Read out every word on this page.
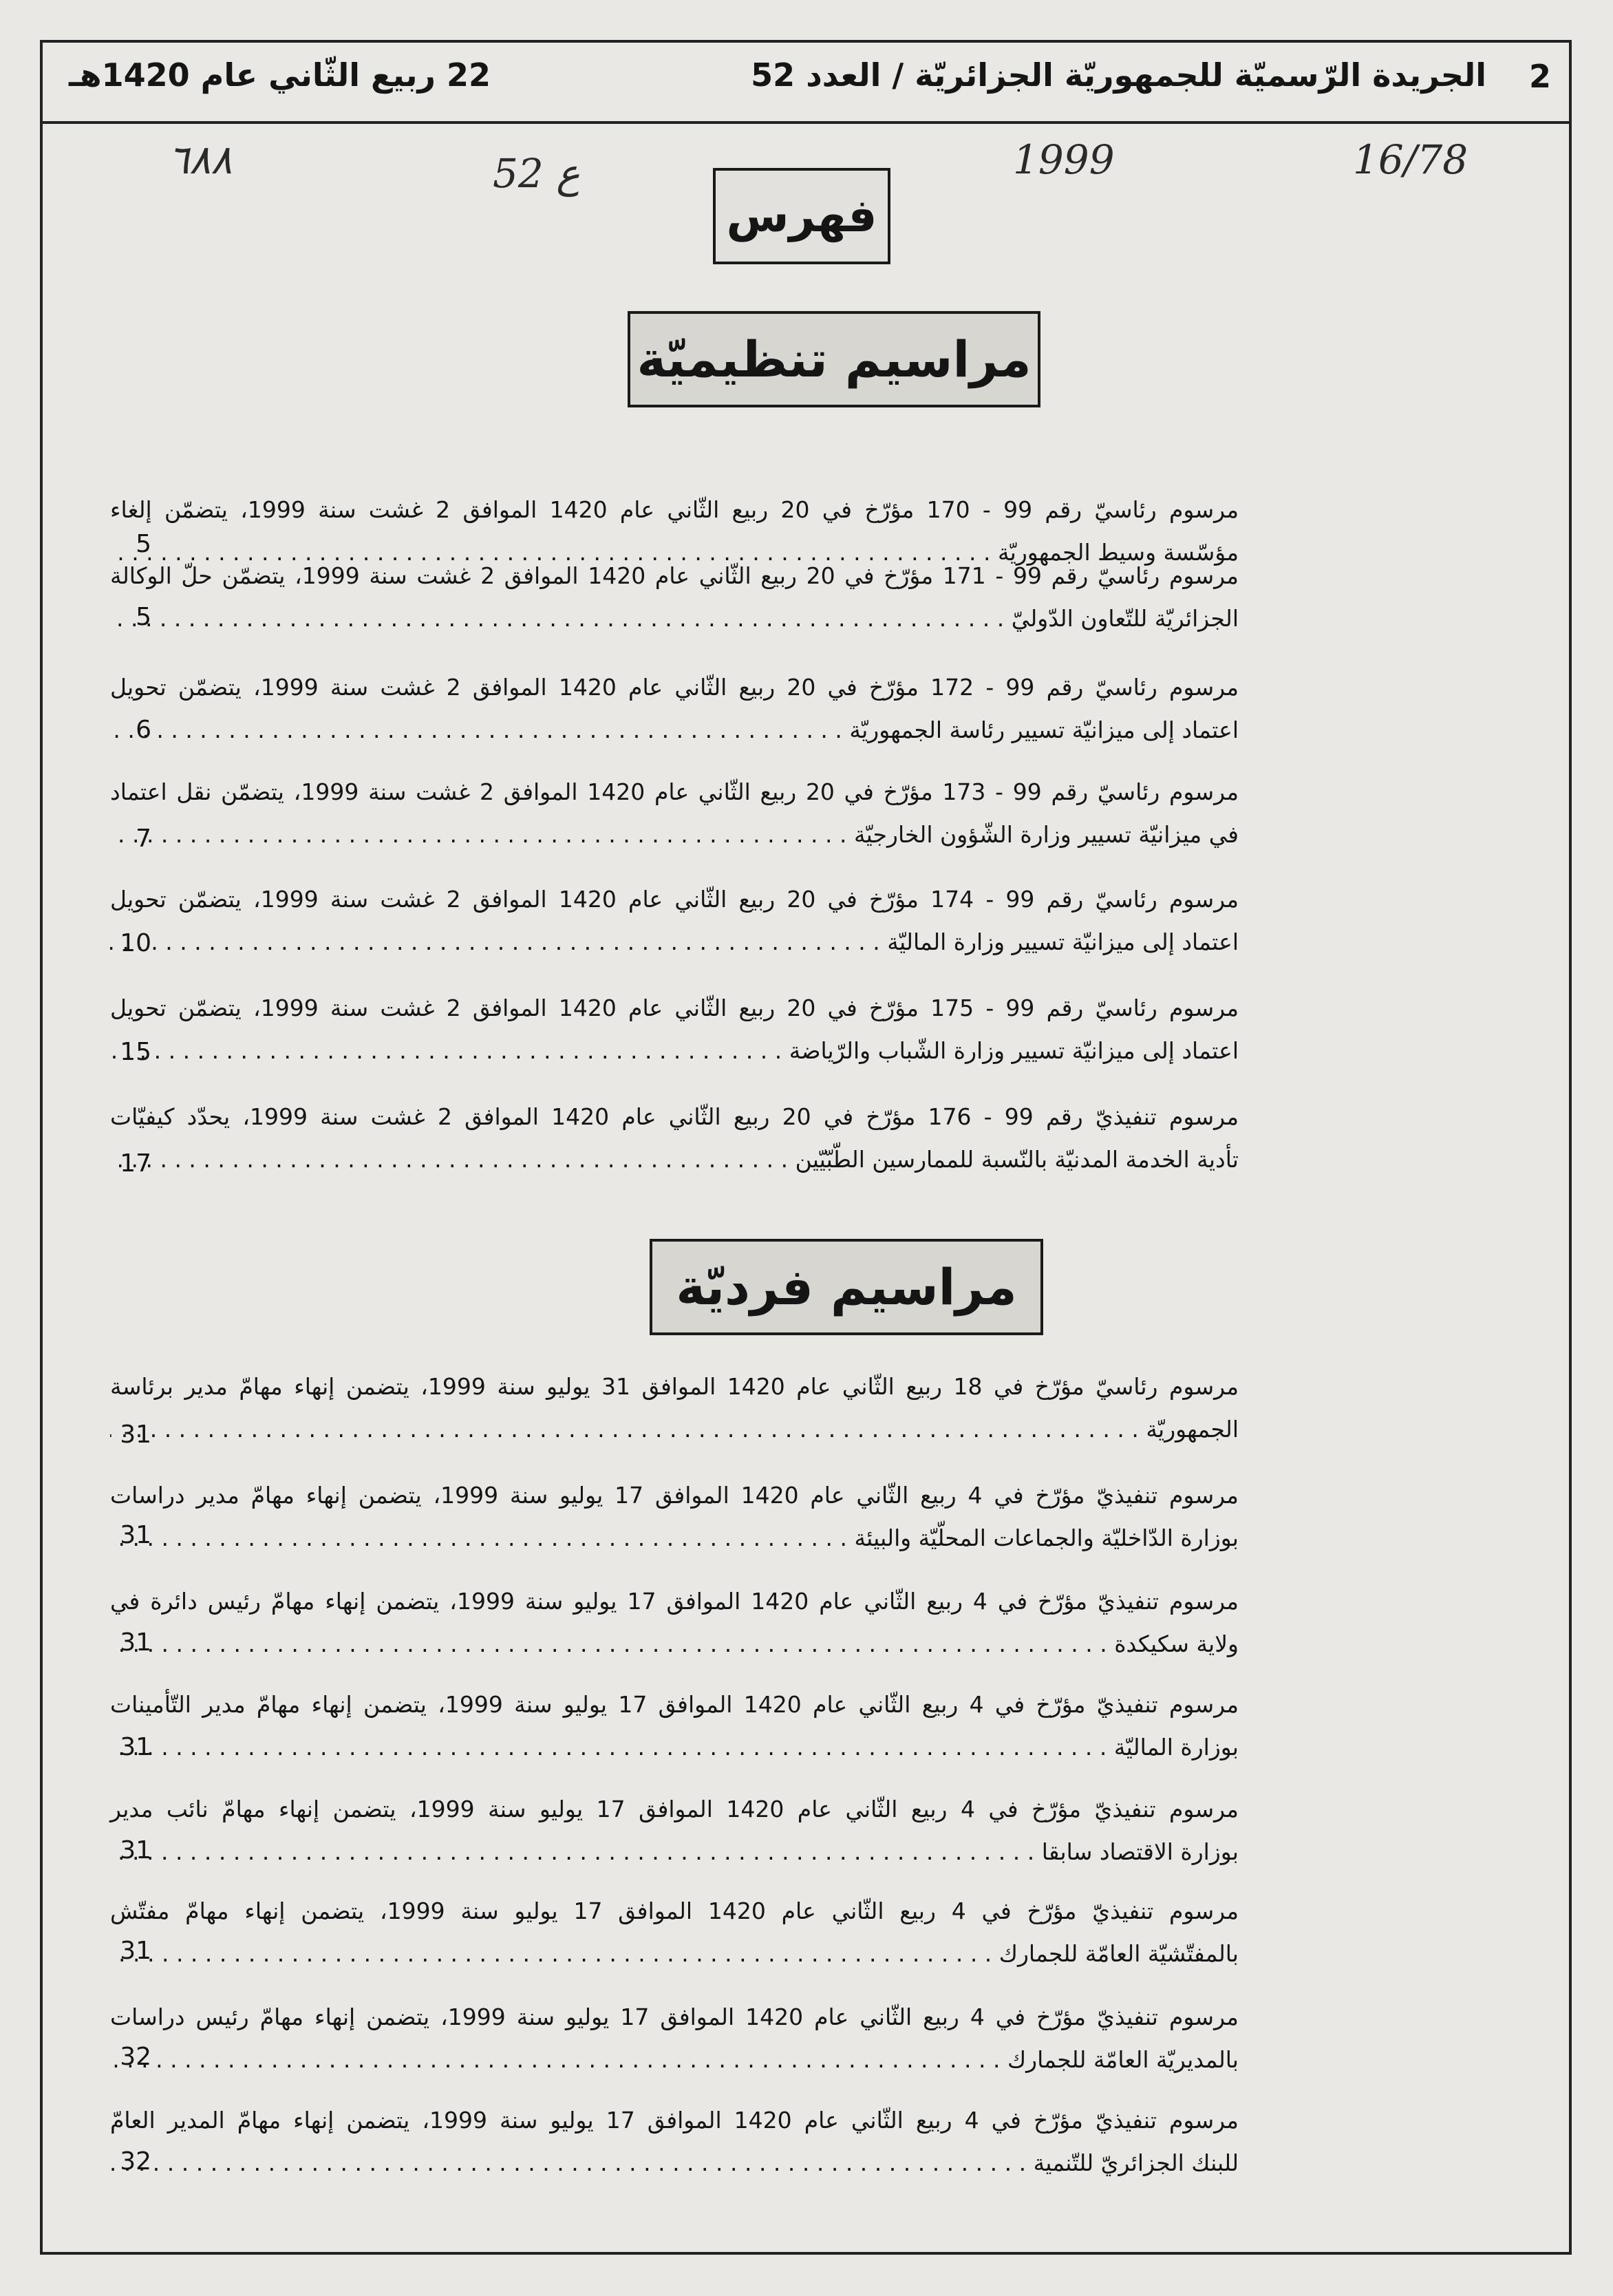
2
الجريدة الرّسميّة للجمهوريّة الجزائريّة / العدد 52
22 ربيع الثّاني عام 1420هـ
٦٨٨	52 ع	1999	16/78
فهرس
مراسيم تنظيميّة
مرسوم رئاسيّ رقم 99 - 170 مؤرّخ في 20 ربيع الثّاني عام 1420 الموافق 2 غشت سنة 1999، يتضمّن إلغاء
مؤسّسة وسيط الجمهوريّة . . .
5
مرسوم رئاسيّ رقم 99 - 171 مؤرّخ في 20 ربيع الثّاني عام 1420 الموافق 2 غشت سنة 1999، يتضمّن حلّ الوكالة
الجزائريّة للتّعاون الدّوليّ . . .
5
مرسوم رئاسيّ رقم 99 - 172 مؤرّخ في 20 ربيع الثّاني عام 1420 الموافق 2 غشت سنة 1999، يتضمّن تحويل
اعتماد إلى ميزانيّة تسيير رئاسة الجمهوريّة . . .
6
مرسوم رئاسيّ رقم 99 - 173 مؤرّخ في 20 ربيع الثّاني عام 1420 الموافق 2 غشت سنة 1999، يتضمّن نقل اعتماد
في ميزانيّة تسيير وزارة الشّؤون الخارجيّة . . .
7
مرسوم رئاسيّ رقم 99 - 174 مؤرّخ في 20 ربيع الثّاني عام 1420 الموافق 2 غشت سنة 1999، يتضمّن تحويل
اعتماد إلى ميزانيّة تسيير وزارة الماليّة . . .
10
مرسوم رئاسيّ رقم 99 - 175 مؤرّخ في 20 ربيع الثّاني عام 1420 الموافق 2 غشت سنة 1999، يتضمّن تحويل
اعتماد إلى ميزانيّة تسيير وزارة الشّباب والرّياضة . . .
15
مرسوم تنفيذيّ رقم 99 - 176 مؤرّخ في 20 ربيع الثّاني عام 1420 الموافق 2 غشت سنة 1999، يحدّد كيفيّات
تأدية الخدمة المدنيّة بالنّسبة للممارسين الطّبّيّين . . .
17
مراسيم فرديّة
مرسوم رئاسيّ مؤرّخ في 18 ربيع الثّاني عام 1420 الموافق 31 يوليو سنة 1999، يتضمن إنهاء مهامّ مدير برئاسة
الجمهوريّة . . .
31
مرسوم تنفيذيّ مؤرّخ في 4 ربيع الثّاني عام 1420 الموافق 17 يوليو سنة 1999، يتضمن إنهاء مهامّ مدير دراسات
بوزارة الدّاخليّة والجماعات المحلّيّة والبيئة . . .
31
مرسوم تنفيذيّ مؤرّخ في 4 ربيع الثّاني عام 1420 الموافق 17 يوليو سنة 1999، يتضمن إنهاء مهامّ رئيس دائرة في
ولاية سكيكدة . . .
31
مرسوم تنفيذيّ مؤرّخ في 4 ربيع الثّاني عام 1420 الموافق 17 يوليو سنة 1999، يتضمن إنهاء مهامّ مدير التّأمينات
بوزارة الماليّة . . .
31
مرسوم تنفيذيّ مؤرّخ في 4 ربيع الثّاني عام 1420 الموافق 17 يوليو سنة 1999، يتضمن إنهاء مهامّ نائب مدير
بوزارة الاقتصاد سابقا . . .
31
مرسوم تنفيذيّ مؤرّخ في 4 ربيع الثّاني عام 1420 الموافق 17 يوليو سنة 1999، يتضمن إنهاء مهامّ مفتّش
بالمفتّشيّة العامّة للجمارك . . .
31
مرسوم تنفيذيّ مؤرّخ في 4 ربيع الثّاني عام 1420 الموافق 17 يوليو سنة 1999، يتضمن إنهاء مهامّ رئيس دراسات
بالمديريّة العامّة للجمارك . . .
32
مرسوم تنفيذيّ مؤرّخ في 4 ربيع الثّاني عام 1420 الموافق 17 يوليو سنة 1999، يتضمن إنهاء مهامّ المدير العامّ
للبنك الجزائريّ للتّنمية . . .
32
